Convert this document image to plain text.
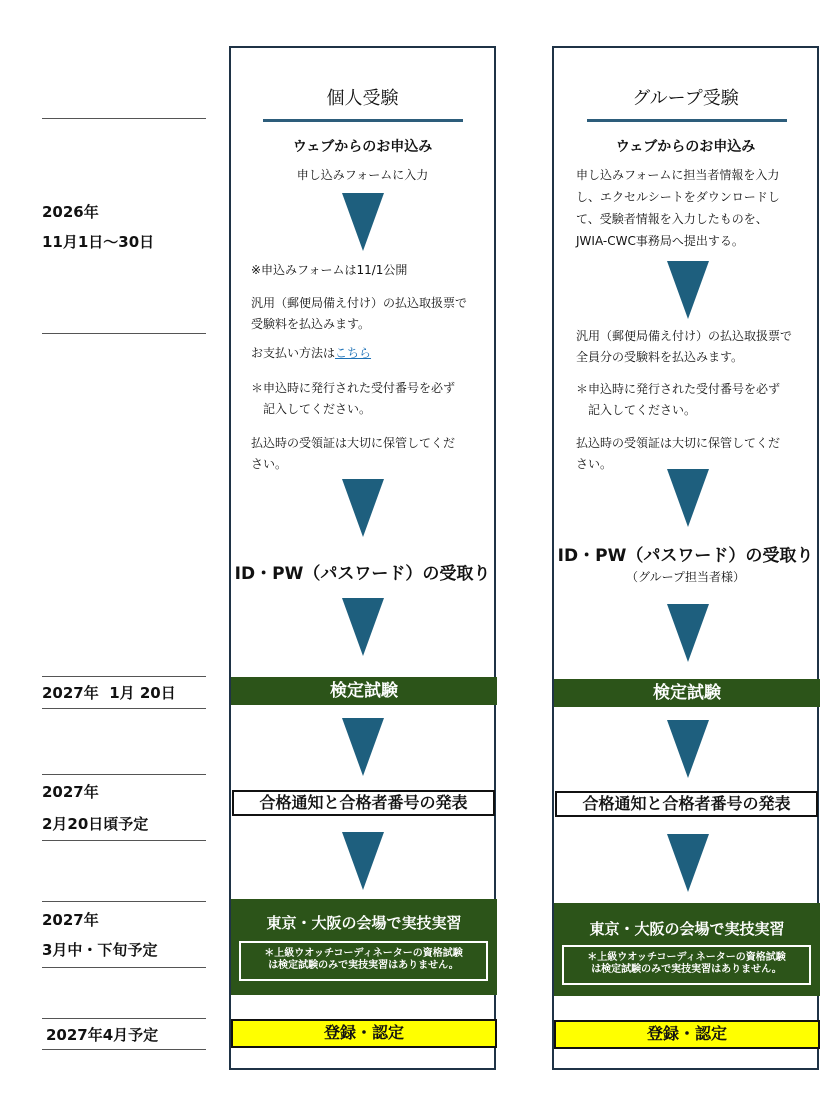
2026年
11月1日～30日
2027年  1月 20日
2027年
2月20日頃予定
2027年
3月中・下旬予定
2027年4月予定
個人受験
ウェブからのお申込み
申し込みフォームに入力
※申込みフォームは11/1公開
汎用（郵便局備え付け）の払込取扱票で
受験料を払込みます。
お支払い方法はこちら
＊申込時に発行された受付番号を必ず
　記入してください。
払込時の受領証は大切に保管してくだ
さい。
ID・PW（パスワード）の受取り
検定試験
合格通知と合格者番号の発表
東京・大阪の会場で実技実習
＊上級ウオッチコーディネーターの資格試験
は検定試験のみで実技実習はありません。
登録・認定
グループ受験
ウェブからのお申込み
申し込みフォームに担当者情報を入力
し、エクセルシートをダウンロードし
て、受験者情報を入力したものを、
JWIA-CWC事務局へ提出する。
汎用（郵便局備え付け）の払込取扱票で
全員分の受験料を払込みます。
＊申込時に発行された受付番号を必ず
　記入してください。
払込時の受領証は大切に保管してくだ
さい。
ID・PW（パスワード）の受取り
（グループ担当者様）
検定試験
合格通知と合格者番号の発表
東京・大阪の会場で実技実習
＊上級ウオッチコーディネーターの資格試験
は検定試験のみで実技実習はありません。
登録・認定
